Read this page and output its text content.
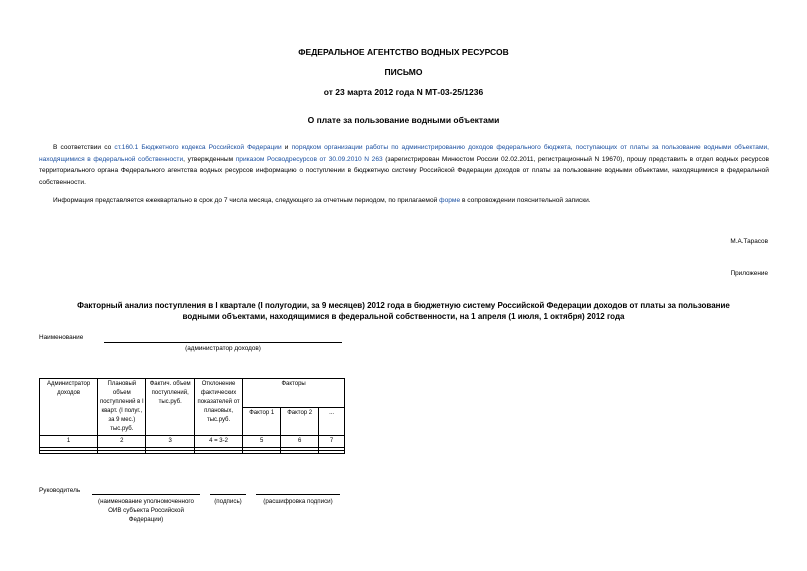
ФЕДЕРАЛЬНОЕ АГЕНТСТВО ВОДНЫХ РЕСУРСОВ
ПИСЬМО
от 23 марта 2012 года N МТ-03-25/1236
О плате за пользование водными объектами
В соответствии со ст.160.1 Бюджетного кодекса Российской Федерации и порядком организации работы по администрированию доходов федерального бюджета, поступающих от платы за пользование водными объектами, находящимися в федеральной собственности, утвержденным приказом Росводресурсов от 30.09.2010 N 263 (зарегистрирован Минюстом России 02.02.2011, регистрационный N 19670), прошу представить в отдел водных ресурсов территориального органа Федерального агентства водных ресурсов информацию о поступлении в бюджетную систему Российской Федерации доходов от платы за пользование водными объектами, находящимися в федеральной собственности.
Информация представляется ежеквартально в срок до 7 числа месяца, следующего за отчетным периодом, по прилагаемой форме в сопровождении пояснительной записки.
М.А.Тарасов
Приложение
Факторный анализ поступления в I квартале (I полугодии, за 9 месяцев) 2012 года в бюджетную систему Российской Федерации доходов от платы за пользование
водными объектами, находящимися в федеральной собственности, на 1 апреля (1 июля, 1 октября) 2012 года
Наименование
(администратор доходов)
Администратор доходов	Плановый объем поступлений в I кварт. (I полуг., за 9 мес.) тыс.руб.	Фактич. объем поступлений, тыс.руб.	Отклонение фактических показателей от плановых, тыс.руб.	Факторы		
				Фактор 1	Фактор 2	...
1	2	3	4 = 3-2	5	6	7

Руководитель
(наименование уполномоченного ОИВ субъекта Российской Федерации)
(подпись)	(расшифровка подписи)
